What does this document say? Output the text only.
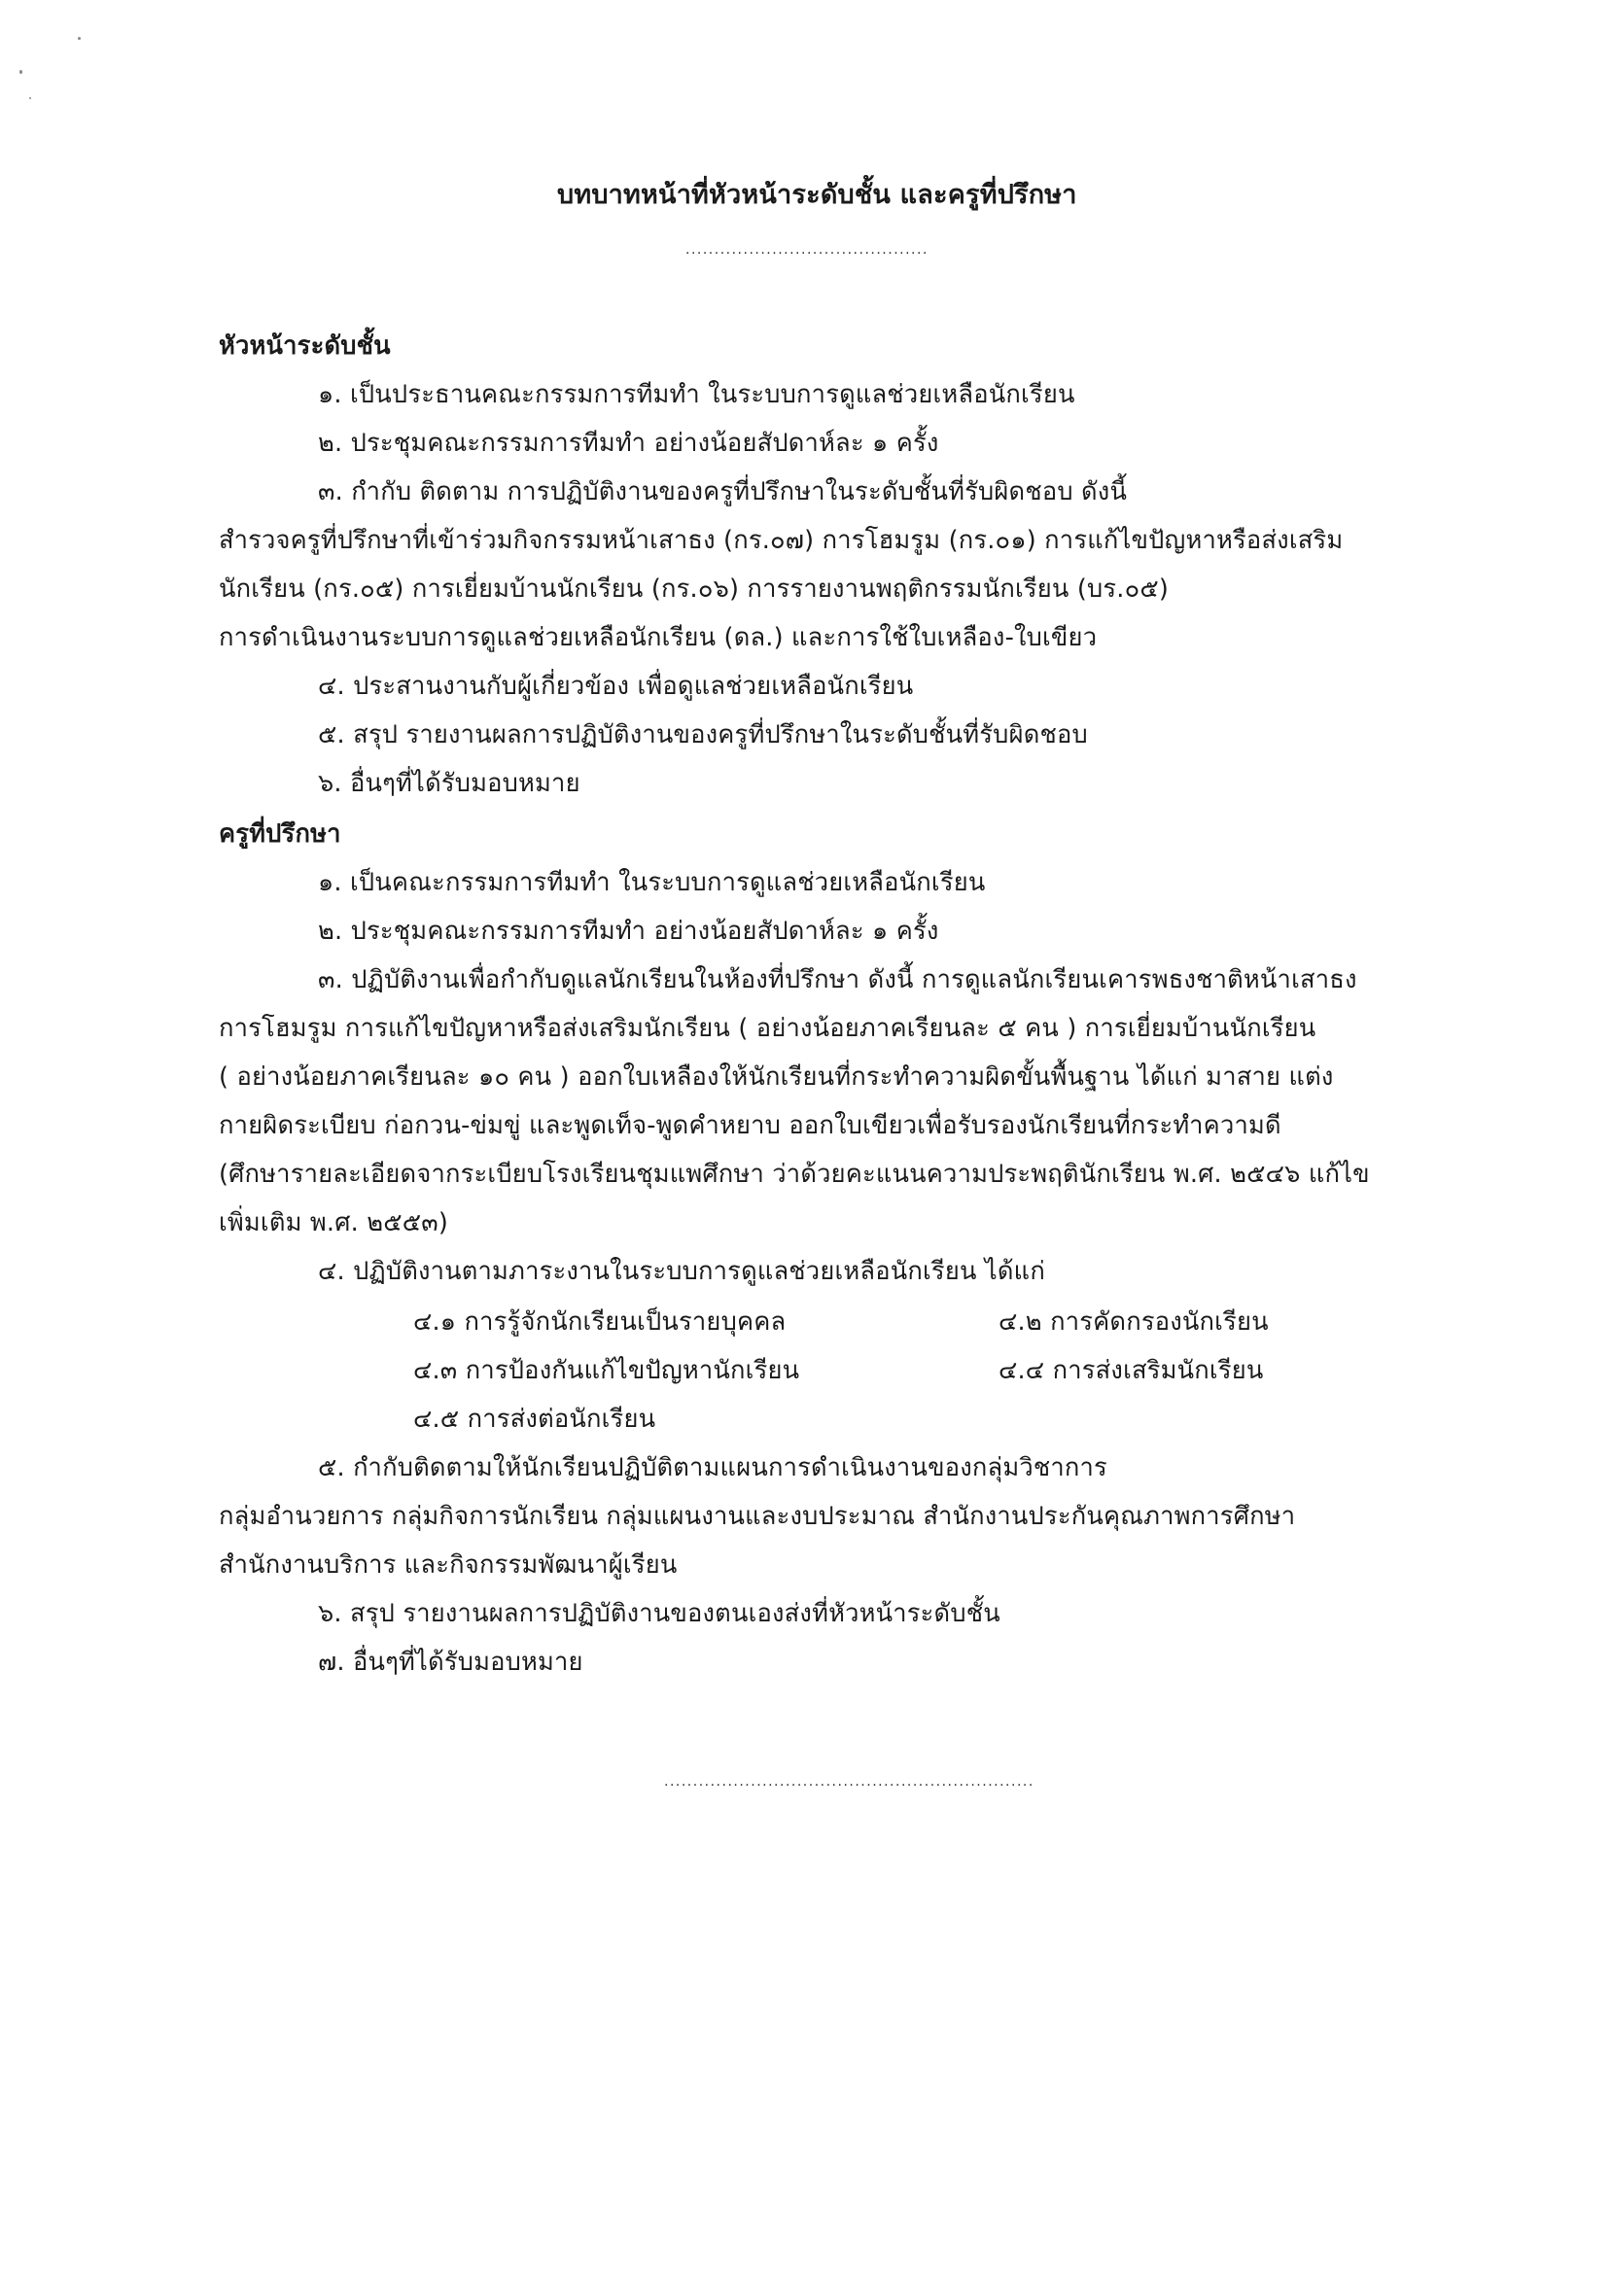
บทบาทหน้าที่หัวหน้าระดับชั้น และครูที่ปรึกษา
..........................................
หัวหน้าระดับชั้น
๑. เป็นประธานคณะกรรมการทีมทำ ในระบบการดูแลช่วยเหลือนักเรียน
๒. ประชุมคณะกรรมการทีมทำ อย่างน้อยสัปดาห์ละ ๑ ครั้ง
๓. กำกับ ติดตาม การปฏิบัติงานของครูที่ปรึกษาในระดับชั้นที่รับผิดชอบ ดังนี้
สำรวจครูที่ปรึกษาที่เข้าร่วมกิจกรรมหน้าเสาธง (กร.๐๗) การโฮมรูม (กร.๐๑) การแก้ไขปัญหาหรือส่งเสริม
นักเรียน (กร.๐๕) การเยี่ยมบ้านนักเรียน (กร.๐๖) การรายงานพฤติกรรมนักเรียน (บร.๐๕)
การดำเนินงานระบบการดูแลช่วยเหลือนักเรียน (ดล.) และการใช้ใบเหลือง-ใบเขียว
๔. ประสานงานกับผู้เกี่ยวข้อง เพื่อดูแลช่วยเหลือนักเรียน
๕. สรุป รายงานผลการปฏิบัติงานของครูที่ปรึกษาในระดับชั้นที่รับผิดชอบ
๖. อื่นๆที่ได้รับมอบหมาย
ครูที่ปรึกษา
๑. เป็นคณะกรรมการทีมทำ ในระบบการดูแลช่วยเหลือนักเรียน
๒. ประชุมคณะกรรมการทีมทำ อย่างน้อยสัปดาห์ละ ๑ ครั้ง
๓. ปฏิบัติงานเพื่อกำกับดูแลนักเรียนในห้องที่ปรึกษา ดังนี้ การดูแลนักเรียนเคารพธงชาติหน้าเสาธง
การโฮมรูม การแก้ไขปัญหาหรือส่งเสริมนักเรียน ( อย่างน้อยภาคเรียนละ ๕ คน ) การเยี่ยมบ้านนักเรียน
( อย่างน้อยภาคเรียนละ ๑๐ คน ) ออกใบเหลืองให้นักเรียนที่กระทำความผิดขั้นพื้นฐาน ได้แก่ มาสาย แต่ง
กายผิดระเบียบ ก่อกวน-ข่มขู่ และพูดเท็จ-พูดคำหยาบ ออกใบเขียวเพื่อรับรองนักเรียนที่กระทำความดี
(ศึกษารายละเอียดจากระเบียบโรงเรียนชุมแพศึกษา ว่าด้วยคะแนนความประพฤตินักเรียน พ.ศ. ๒๕๔๖ แก้ไข
เพิ่มเติม พ.ศ. ๒๕๕๓)
๔. ปฏิบัติงานตามภาระงานในระบบการดูแลช่วยเหลือนักเรียน ได้แก่
๔.๑ การรู้จักนักเรียนเป็นรายบุคคล	๔.๒ การคัดกรองนักเรียน
๔.๓ การป้องกันแก้ไขปัญหานักเรียน	๔.๔ การส่งเสริมนักเรียน
๔.๕ การส่งต่อนักเรียน
๕. กำกับติดตามให้นักเรียนปฏิบัติตามแผนการดำเนินงานของกลุ่มวิชาการ
กลุ่มอำนวยการ กลุ่มกิจการนักเรียน กลุ่มแผนงานและงบประมาณ สำนักงานประกันคุณภาพการศึกษา
สำนักงานบริการ และกิจกรรมพัฒนาผู้เรียน
๖. สรุป รายงานผลการปฏิบัติงานของตนเองส่งที่หัวหน้าระดับชั้น
๗. อื่นๆที่ได้รับมอบหมาย
................................................................
